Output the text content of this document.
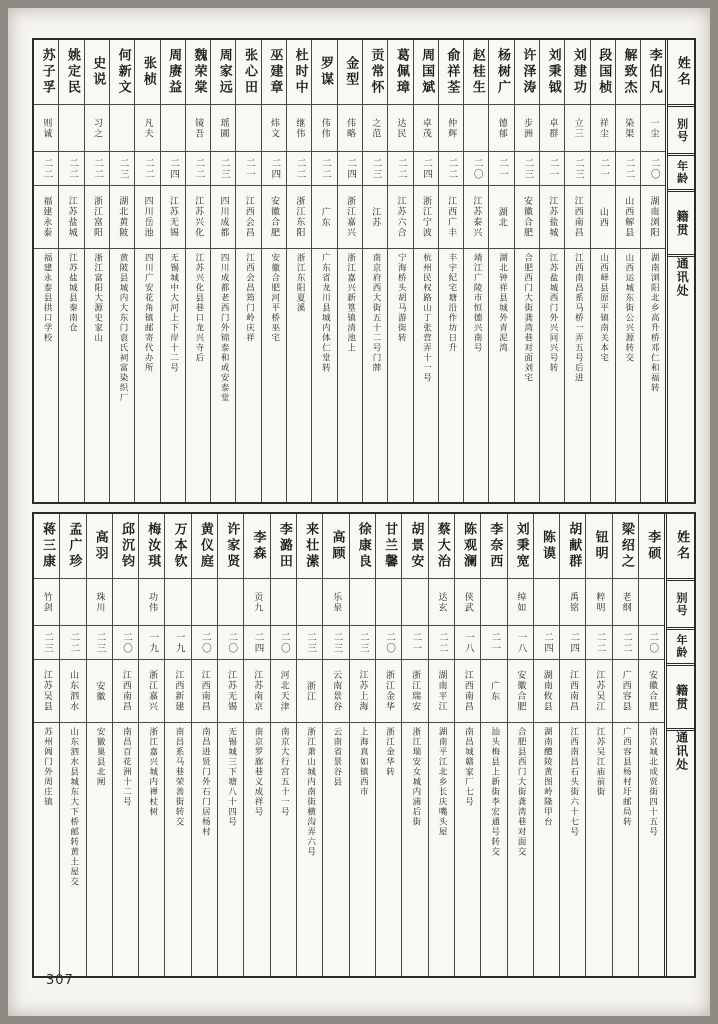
姓名
别号
年龄
籍贯
通讯处
李伯凡
一尘
二〇
湖南浏阳
湖南浏阳北乡高升桥邓仁和福转
解致杰
染渠
二二
山西解县
山西运城东街公兴源转交
段国桢
祥尘
二一
山西
山西峄县原平镇南关本宅
刘建功
立三
二三
江西南昌
江西南昌系马桥一弄五号后进
刘秉钺
卓群
二一
江苏盐城
江苏盐城西门外兴同兴号转
许泽涛
步洲
二三
安徽合肥
合肥西门大街龚湾巷对面刘宅
杨树广
德郁
二一
湖北
湖北钟祥县城外青泥湾
赵桂生
二〇
江苏泰兴
靖江广陵市恒德兴南号
俞祥荃
仲辉
二二
江西广丰
丰宇纪宅塘沿作坊日升
周国斌
卓茂
二四
浙江宁波
杭州民权路山丁张营弄十一号
葛佩璋
达民
二二
江苏六合
宁海桥头胡马游街转
贡常怀
之范
二三
江苏
南京府西大街五十二号门牌
金型
伟略
二四
浙江嘉兴
浙江嘉兴新篁镇清池上
罗谋
伟伟
二二
广东
广东省龙川县城内体仁堂转
杜时中
继伟
二二
浙江东阳
浙江东阳夏溪
巫建章
炜文
二四
安徽合肥
安徽合肥河平桥巫宅
张心田
二一
江西会昌
江西会昌筠门岭庆祥
周家远
瑶圃
二三
四川成都
四川成都老西门外锦泰和或安泰堂
魏荣棠
镜吾
二二
江苏兴化
江苏兴化县巷口龙兴寺后
周赓益
二四
江苏无锡
无锡城中大河上下岸十二号
张桢
凡夫
二二
四川岳池
四川广安花角镇邮寄代办所
何新文
二三
湖北黄陂
黄陂县城内大东门袁氏祠富染织厂
史说
习之
二二
浙江富阳
浙江富阳大源史家山
姚定民
二二
江苏盐城
江苏盐城县秦南仓
苏子孚
则诚
二二
福建永泰
福建永泰县拱口学校
姓名
别号
年龄
籍贯
通讯处
李硕
二〇
安徽合肥
南京城北成贤街四十五号
梁绍之
老纲
二二
广西容县
广西容县杨村圩邮局转
钮明
粹明
二二
江苏吴江
江苏吴江庙前街
胡献群
禹铭
二四
江西南昌
江西南昌石头街六十七号
陈谟
二四
湖南攸县
湖南醴陵黄图岭隆甲台
刘秉宽
绰如
一八
安徽合肥
合肥县西门大街龚湾巷对面交
李奈西
二一
广东
汕头梅县上新街李宏通号转交
陈观澜
侠武
一八
江西南昌
南昌城赣家厂七号
蔡大治
达玄
二二
湖南平江
湖南平江北乡长庆嘴头屋
胡景安
二一
浙江瑞安
浙江瑞安女城内浦后街
甘兰馨
二〇
浙江金华
浙江金华转
徐康良
二三
江苏上海
上海真如镇西市
高顾
乐泉
二三
云南景谷
云南省景谷县
来壮潆
二三
浙江
浙江萧山城内南街横沟弄六号
李潞田
二〇
河北天津
南京大行宫五十一号
李森
贡九
二四
江苏南京
南京罗廊巷义成祥号
许家贤
二〇
江苏无锡
无锡城三下塘八十四号
黄仪庭
二〇
江西南昌
南昌进贤门外石门居杨村
万本钦
一九
江西新建
南昌系马巷荣善街转交
梅汝琪
功伟
一九
浙江嘉兴
浙江嘉兴城内禅杖树
邱沉钧
二〇
江西南昌
南昌百花洲十二号
高羽
珠川
二三
安徽
安徽巢县北闸
孟广珍
二二
山东泗水
山东泗水县城东大下桥邮转黄土屋交
蒋三康
竹剑
二三
江苏吴县
苏州阊门外周庄镇
307
